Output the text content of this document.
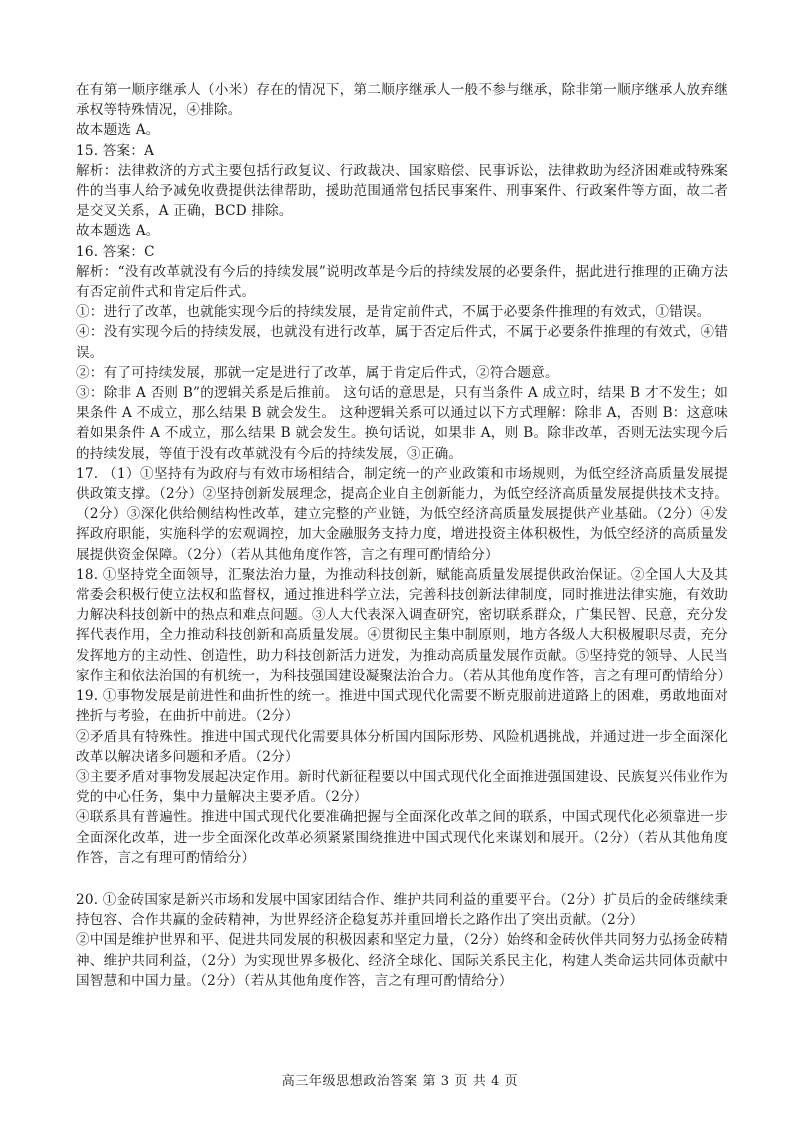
在有第一顺序继承人（小米）存在的情况下，第二顺序继承人一般不参与继承，除非第一顺序继承人放弃继承权等特殊情况，④排除。

故本题选 A。

15. 答案：A

解析：法律救济的方式主要包括行政复议、行政裁决、国家赔偿、民事诉讼，法律救助为经济困难或特殊案件的当事人给予减免收费提供法律帮助，援助范围通常包括民事案件、刑事案件、行政案件等方面，故二者是交叉关系，A 正确，BCD 排除。

故本题选 A。

16. 答案：C

解析：“没有改革就没有今后的持续发展”说明改革是今后的持续发展的必要条件，据此进行推理的正确方法有否定前件式和肯定后件式。

①：进行了改革，也就能实现今后的持续发展，是肯定前件式，不属于必要条件推理的有效式，①错误。

④：没有实现今后的持续发展，也就没有进行改革，属于否定后件式，不属于必要条件推理的有效式，④错误。

②：有了可持续发展，那就一定是进行了改革，属于肯定后件式，②符合题意。

③：除非 A 否则 B”的逻辑关系是后推前。 这句话的意思是，只有当条件 A 成立时，结果 B 才不发生；如果条件 A 不成立，那么结果 B 就会发生。 这种逻辑关系可以通过以下方式理解：除非 A，否则 B：这意味着如果条件 A 不成立，那么结果 B 就会发生。换句话说，如果非 A，则 B。除非改革，否则无法实现今后的持续发展，等值于没有改革就没有今后的持续发展，③正确。

17. （1）①坚持有为政府与有效市场相结合，制定统一的产业政策和市场规则，为低空经济高质量发展提供政策支撑。（2分）②坚持创新发展理念，提高企业自主创新能力，为低空经济高质量发展提供技术支持。（2分）③深化供给侧结构性改革，建立完整的产业链，为低空经济高质量发展提供产业基础。（2分）④发挥政府职能，实施科学的宏观调控，加大金融服务支持力度，增进投资主体积极性，为低空经济的高质量发展提供资金保障。（2分）（若从其他角度作答，言之有理可酌情给分）

18. ①坚持党全面领导，汇聚法治力量，为推动科技创新，赋能高质量发展提供政治保证。②全国人大及其常委会积极行使立法权和监督权，通过推进科学立法，完善科技创新法律制度，同时推进法律实施，有效助力解决科技创新中的热点和难点问题。③人大代表深入调查研究，密切联系群众，广集民智、民意，充分发挥代表作用，全力推动科技创新和高质量发展。④贯彻民主集中制原则，地方各级人大积极履职尽责，充分发挥地方的主动性、创造性，助力科技创新活力迸发，为推动高质量发展作贡献。⑤坚持党的领导、人民当家作主和依法治国的有机统一，为科技强国建设凝聚法治合力。（若从其他角度作答，言之有理可酌情给分）

19. ①事物发展是前进性和曲折性的统一。推进中国式现代化需要不断克服前进道路上的困难，勇敢地面对挫折与考验，在曲折中前进。（2分）

②矛盾具有特殊性。推进中国式现代化需要具体分析国内国际形势、风险机遇挑战，并通过进一步全面深化改革以解决诸多问题和矛盾。（2分）

③主要矛盾对事物发展起决定作用。新时代新征程要以中国式现代化全面推进强国建设、民族复兴伟业作为党的中心任务，集中力量解决主要矛盾。（2分）

④联系具有普遍性。推进中国式现代化要准确把握与全面深化改革之间的联系，中国式现代化必须靠进一步全面深化改革，进一步全面深化改革必须紧紧围绕推进中国式现代化来谋划和展开。（2分）（若从其他角度作答，言之有理可酌情给分）

20. ①金砖国家是新兴市场和发展中国家团结合作、维护共同利益的重要平台。（2分）扩员后的金砖继续秉持包容、合作共赢的金砖精神，为世界经济企稳复苏并重回增长之路作出了突出贡献。（2分）

②中国是维护世界和平、促进共同发展的积极因素和坚定力量，（2分）始终和金砖伙伴共同努力弘扬金砖精神、维护共同利益，（2分）为实现世界多极化、经济全球化、国际关系民主化，构建人类命运共同体贡献中国智慧和中国力量。（2分）（若从其他角度作答，言之有理可酌情给分）

高三年级思想政治答案 第 3 页 共 4 页
